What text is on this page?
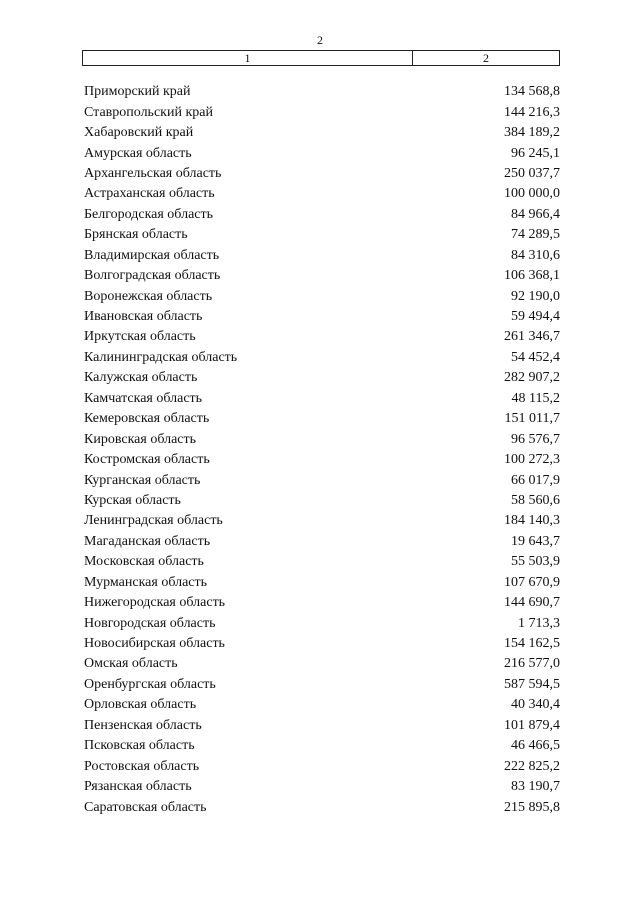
2
1	2
Приморский край	134 568,8
Ставропольский край	144 216,3
Хабаровский край	384 189,2
Амурская область	96 245,1
Архангельская область	250 037,7
Астраханская область	100 000,0
Белгородская область	84 966,4
Брянская область	74 289,5
Владимирская область	84 310,6
Волгоградская область	106 368,1
Воронежская область	92 190,0
Ивановская область	59 494,4
Иркутская область	261 346,7
Калининградская область	54 452,4
Калужская область	282 907,2
Камчатская область	48 115,2
Кемеровская область	151 011,7
Кировская область	96 576,7
Костромская область	100 272,3
Курганская область	66 017,9
Курская область	58 560,6
Ленинградская область	184 140,3
Магаданская область	19 643,7
Московская область	55 503,9
Мурманская область	107 670,9
Нижегородская область	144 690,7
Новгородская область	1 713,3
Новосибирская область	154 162,5
Омская область	216 577,0
Оренбургская область	587 594,5
Орловская область	40 340,4
Пензенская область	101 879,4
Псковская область	46 466,5
Ростовская область	222 825,2
Рязанская область	83 190,7
Саратовская область	215 895,8
